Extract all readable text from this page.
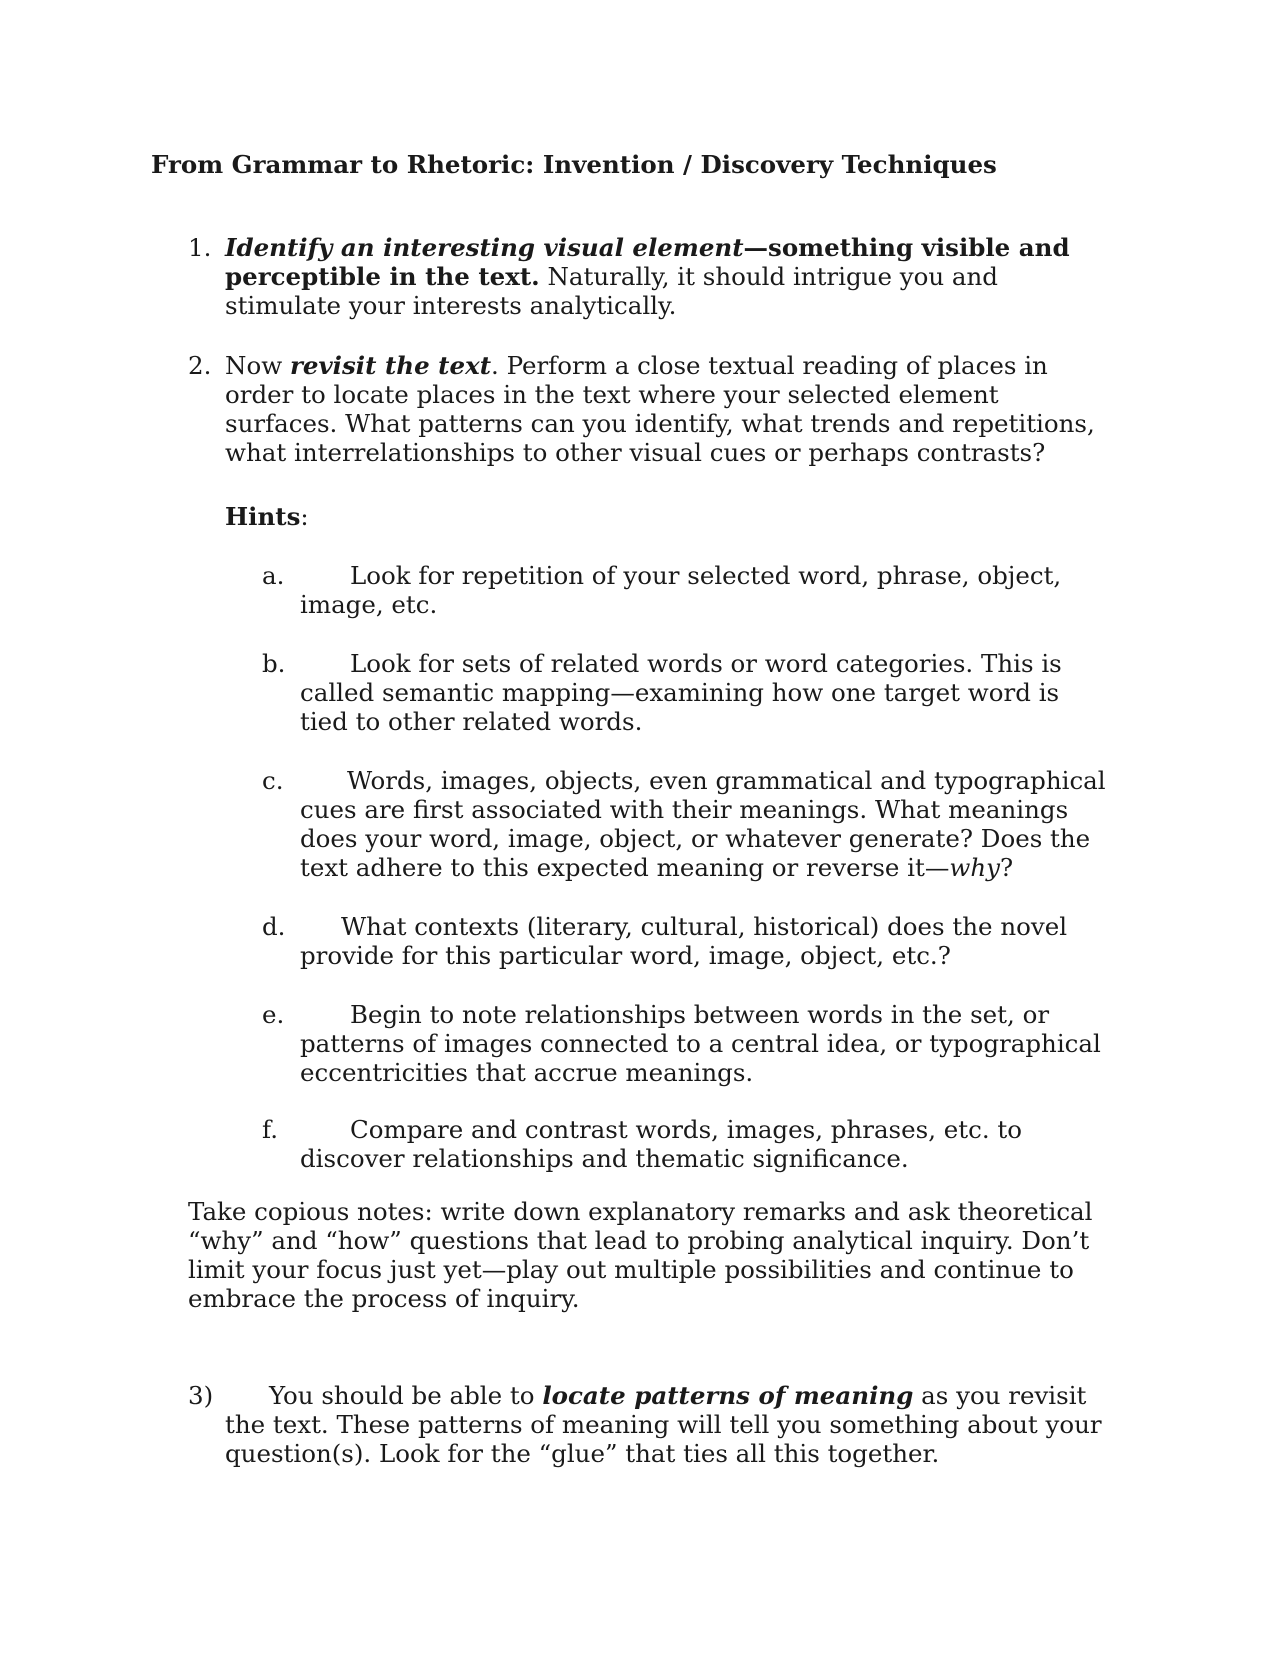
From Grammar to Rhetoric: Invention / Discovery Techniques
1. Identify an interesting visual element—something visible and
perceptible in the text. Naturally, it should intrigue you and
stimulate your interests analytically.
2. Now revisit the text. Perform a close textual reading of places in
order to locate places in the text where your selected element
surfaces. What patterns can you identify, what trends and repetitions,
what interrelationships to other visual cues or perhaps contrasts?
Hints:
a.	Look for repetition of your selected word, phrase, object,
image, etc.
b.	Look for sets of related words or word categories. This is
called semantic mapping—examining how one target word is
tied to other related words.
c.	Words, images, objects, even grammatical and typographical
cues are first associated with their meanings. What meanings
does your word, image, object, or whatever generate? Does the
text adhere to this expected meaning or reverse it—why?
d.	What contexts (literary, cultural, historical) does the novel
provide for this particular word, image, object, etc.?
e.	Begin to note relationships between words in the set, or
patterns of images connected to a central idea, or typographical
eccentricities that accrue meanings.
f.	Compare and contrast words, images, phrases, etc. to
discover relationships and thematic significance.
Take copious notes: write down explanatory remarks and ask theoretical
“why” and “how” questions that lead to probing analytical inquiry. Don’t
limit your focus just yet—play out multiple possibilities and continue to
embrace the process of inquiry.
3)	You should be able to locate patterns of meaning as you revisit
the text. These patterns of meaning will tell you something about your
question(s). Look for the “glue” that ties all this together.
